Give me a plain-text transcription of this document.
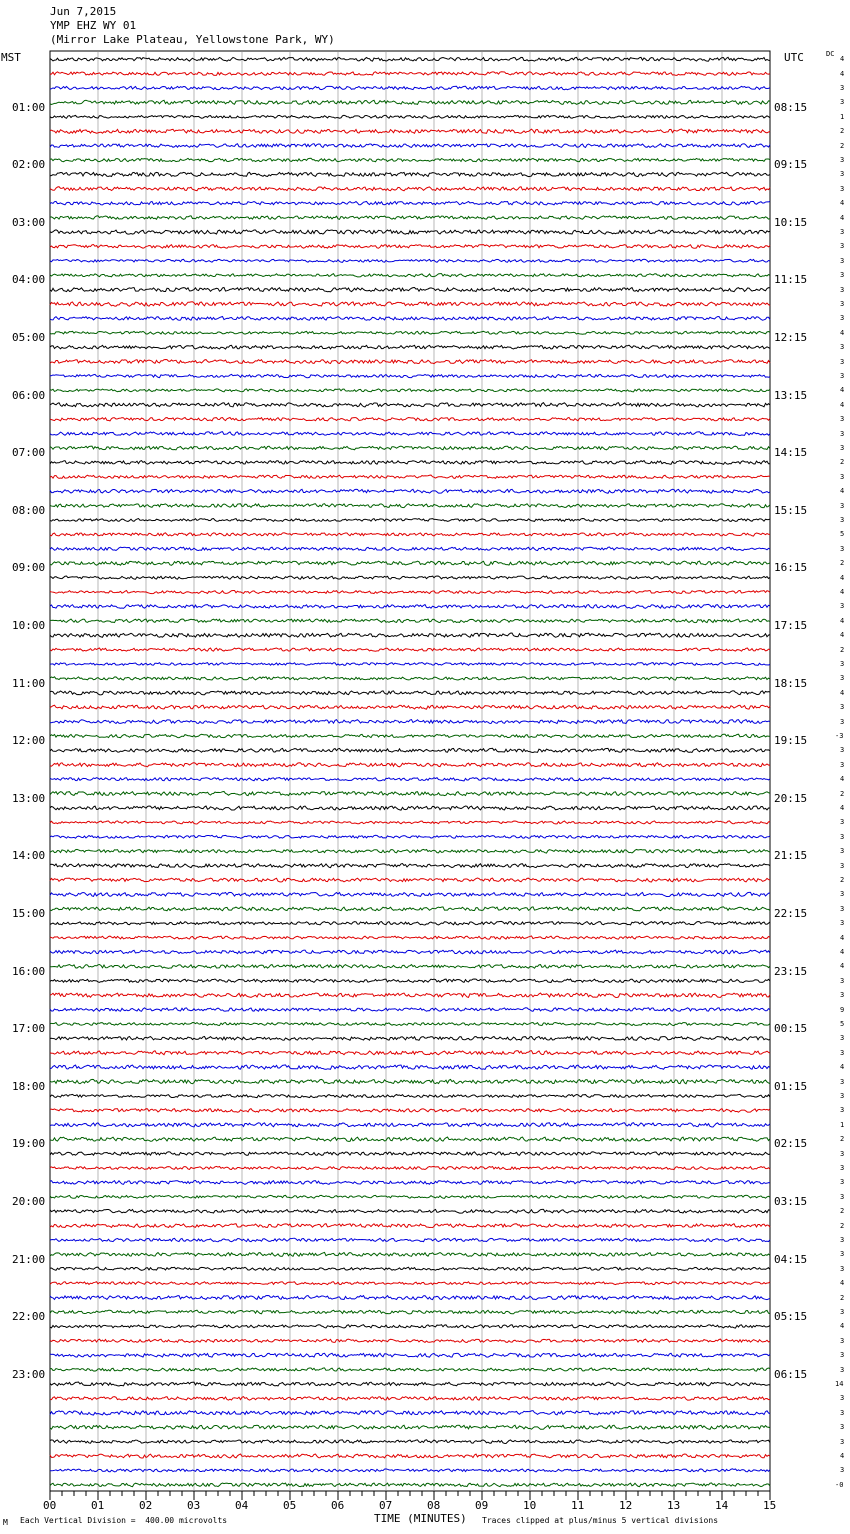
Jun 7,2015
YMP EHZ WY 01
(Mirror Lake Plateau, Yellowstone Park, WY)
MST	UTC	DC
00	01	02	03	04	05	06	07	08	09	10	11	12	13	14	15
01:00
02:00
03:00
04:00
05:00
06:00
07:00
08:00
09:00
10:00
11:00
12:00
13:00
14:00
15:00
16:00
17:00
18:00
19:00
20:00
21:00
22:00
23:00
08:15
09:15
10:15
11:15
12:15
13:15
14:15
15:15
16:15
17:15
18:15
19:15
20:15
21:15
22:15
23:15
00:15
01:15
02:15
03:15
04:15
05:15
06:15
4
4
3
3
1
2
2
3
3
3
4
4
3
3
3
3
3
3
3
4
3
3
3
4
4
3
3
3
2
3
4
3
3
5
3
2
4
4
3
4
4
2
3
3
4
3
3
-3
3
3
4
2
4
3
3
3
3
2
3
3
3
4
4
4
3
3
9
5
3
3
4
3
3
3
1
2
3
3
3
3
2
2
3
3
3
4
2
3
4
3
3
3
14
3
3
3
3
4
3
-0
M Each Vertical Division =  400.00 microvolts	TIME (MINUTES) Traces clipped at plus/minus 5 vertical divisions
